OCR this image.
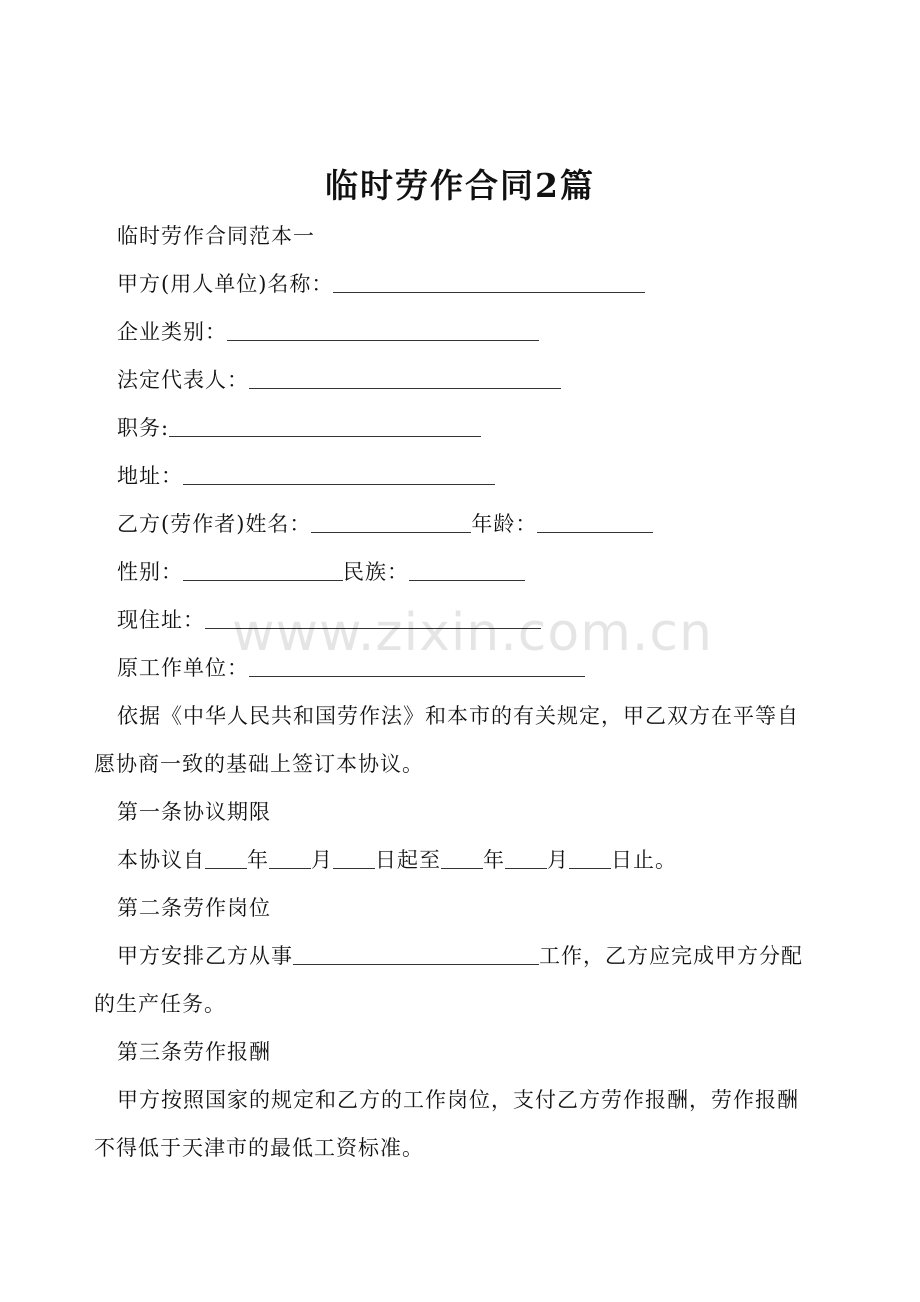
临时劳作合同2篇
临时劳作合同范本一
甲方(用人单位)名称：
企业类别：
法定代表人：
职务:
地址：
乙方(劳作者)姓名：	年龄：
性别：	民族：
现住址：
原工作单位：
依据《中华人民共和国劳作法》和本市的有关规定，甲乙双方在平等自
愿协商一致的基础上签订本协议。
第一条协议期限
本协议自 年 月 日起至 年 月 日止。
第二条劳作岗位
甲方安排乙方从事	工作，乙方应完成甲方分配
的生产任务。
第三条劳作报酬
甲方按照国家的规定和乙方的工作岗位，支付乙方劳作报酬，劳作报酬
不得低于天津市的最低工资标准。
www.zixin.com.cn
